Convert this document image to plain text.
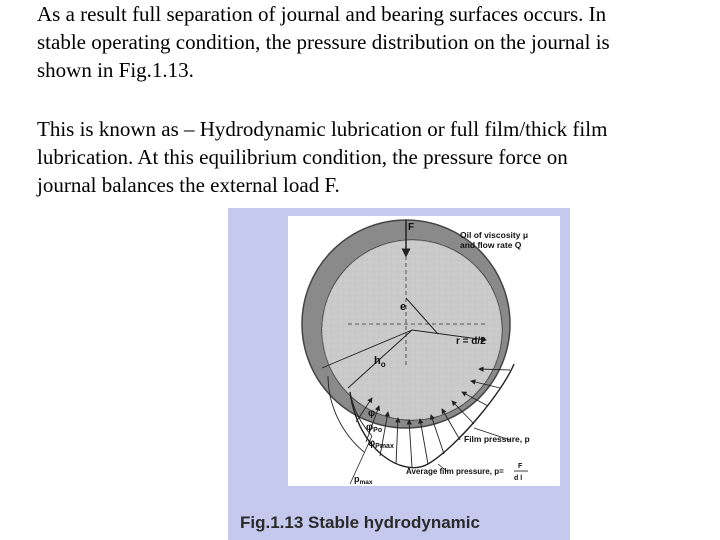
As a result full separation of journal and bearing surfaces occurs. In
stable operating condition, the pressure distribution on the journal is
shown in Fig.1.13.

This is known as – Hydrodynamic lubrication or full film/thick film
lubrication. At this equilibrium condition, the pressure force on
journal balances the external load F.

F
Oil of viscosity μ
and flow rate Q
e
r = d/2
$h_o$
φ
$\varphi_{Po}$
$\varphi_{Pmax}$
Film pressure, p
Average film pressure, p=
F
d l
$p_{max}$
Fig.1.13 Stable hydrodynamic
